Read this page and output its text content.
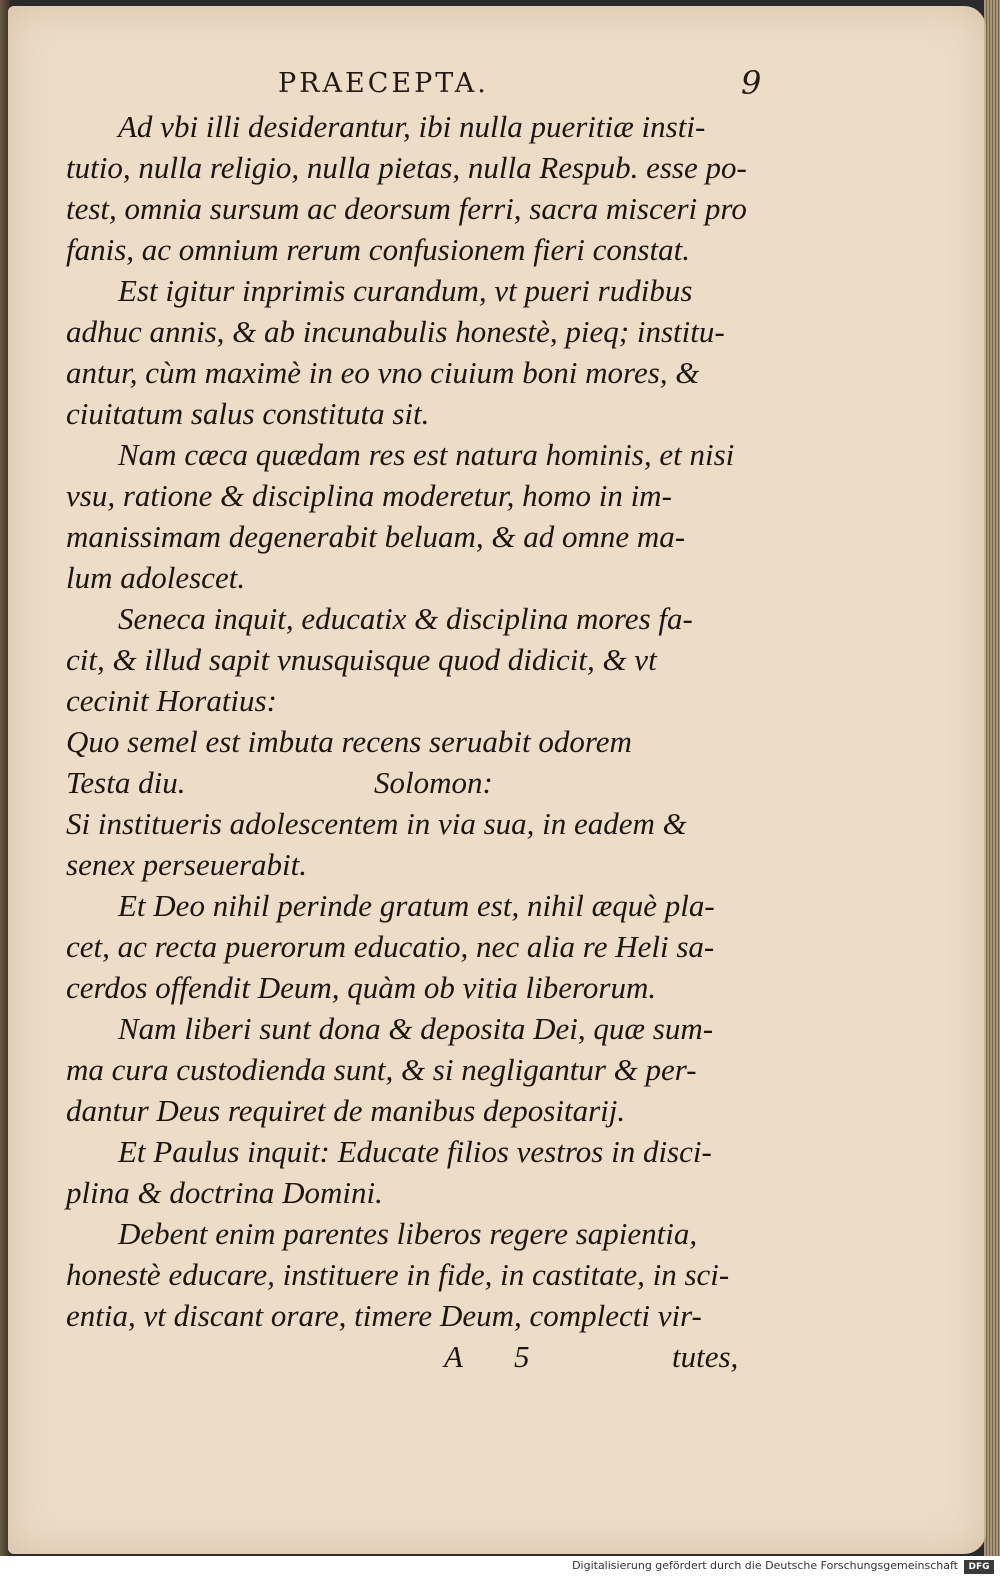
PRAECEPTA.	9
Ad vbi illi desiderantur, ibi nulla pueritiæ insti-
tutio, nulla religio, nulla pietas, nulla Respub. esse po-
test, omnia sursum ac deorsum ferri, sacra misceri pro
fanis, ac omnium rerum confusionem fieri constat.
Est igitur inprimis curandum, vt pueri rudibus
adhuc annis, & ab incunabulis honestè, pieq; institu-
antur, cùm maximè in eo vno ciuium boni mores, &
ciuitatum salus constituta sit.
Nam cæca quædam res est natura hominis, et nisi
vsu, ratione & disciplina moderetur, homo in im-
manissimam degenerabit beluam, & ad omne ma-
lum adolescet.
Seneca inquit, educatix & disciplina mores fa-
cit, & illud sapit vnusquisque quod didicit, & vt
cecinit Horatius:
Quo semel est imbuta recens seruabit odorem
Testa diu.	Solomon:
Si institueris adolescentem in via sua, in eadem &
senex perseuerabit.
Et Deo nihil perinde gratum est, nihil æquè pla-
cet, ac recta puerorum educatio, nec alia re Heli sa-
cerdos offendit Deum, quàm ob vitia liberorum.
Nam liberi sunt dona & deposita Dei, quæ sum-
ma cura custodienda sunt, & si negligantur & per-
dantur Deus requiret de manibus depositarij.
Et Paulus inquit: Educate filios vestros in disci-
plina & doctrina Domini.
Debent enim parentes liberos regere sapientia,
honestè educare, instituere in fide, in castitate, in sci-
entia, vt discant orare, timere Deum, complecti vir-
A 5	tutes,
Digitalisierung gefördert durch die Deutsche Forschungsgemeinschaft	DFG
